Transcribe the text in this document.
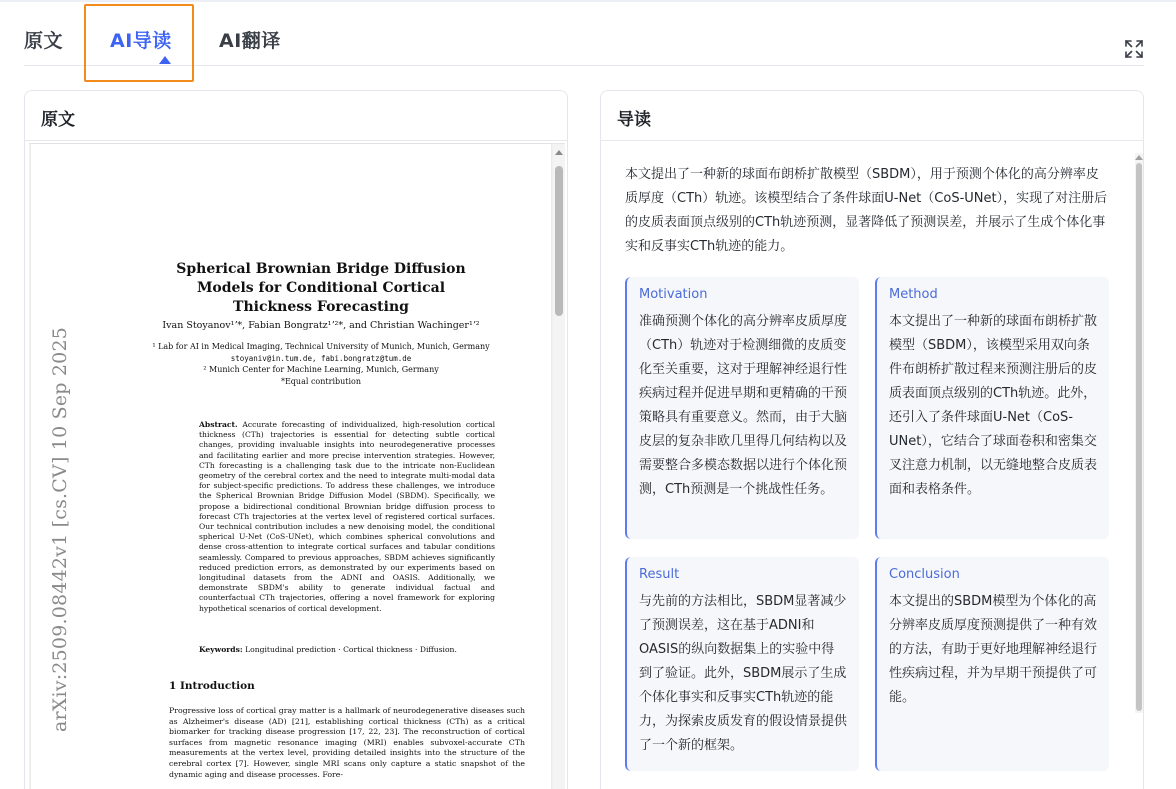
原文 AI导读 AI翻译
原文
arXiv:2509.08442v1 [cs.CV] 10 Sep 2025
Spherical Brownian Bridge Diffusion Models for Conditional Cortical Thickness Forecasting
Ivan Stoyanov¹ʼ*, Fabian Bongratz¹ʼ²*, and Christian Wachinger¹ʼ²
¹ Lab for AI in Medical Imaging, Technical University of Munich, Munich, Germany
stoyaniv@in.tum.de, fabi.bongratz@tum.de
² Munich Center for Machine Learning, Munich, Germany
*Equal contribution
Abstract. Accurate forecasting of individualized, high-resolution cortical thickness (CTh) trajectories is essential for detecting subtle cortical changes, providing invaluable insights into neurodegenerative processes and facilitating earlier and more precise intervention strategies. However, CTh forecasting is a challenging task due to the intricate non-Euclidean geometry of the cerebral cortex and the need to integrate multi-modal data for subject-specific predictions. To address these challenges, we introduce the Spherical Brownian Bridge Diffusion Model (SBDM). Specifically, we propose a bidirectional conditional Brownian bridge diffusion process to forecast CTh trajectories at the vertex level of registered cortical surfaces. Our technical contribution includes a new denoising model, the conditional spherical U-Net (CoS-UNet), which combines spherical convolutions and dense cross-attention to integrate cortical surfaces and tabular conditions seamlessly. Compared to previous approaches, SBDM achieves significantly reduced prediction errors, as demonstrated by our experiments based on longitudinal datasets from the ADNI and OASIS. Additionally, we demonstrate SBDM's ability to generate individual factual and counterfactual CTh trajectories, offering a novel framework for exploring hypothetical scenarios of cortical development.
Keywords: Longitudinal prediction · Cortical thickness · Diffusion.
1 Introduction
Progressive loss of cortical gray matter is a hallmark of neurodegenerative diseases such as Alzheimer's disease (AD) [21], establishing cortical thickness (CTh) as a critical biomarker for tracking disease progression [17, 22, 23]. The reconstruction of cortical surfaces from magnetic resonance imaging (MRI) enables subvoxel-accurate CTh measurements at the vertex level, providing detailed insights into the structure of the cerebral cortex [7]. However, single MRI scans only capture a static snapshot of the dynamic aging and disease processes. Fore-
导读
本文提出了一种新的球面布朗桥扩散模型（SBDM），用于预测个体化的高分辨率皮质厚度（CTh）轨迹。该模型结合了条件球面U-Net（CoS-UNet），实现了对注册后的皮质表面顶点级别的CTh轨迹预测，显著降低了预测误差，并展示了生成个体化事实和反事实CTh轨迹的能力。
Motivation
准确预测个体化的高分辨率皮质厚度（CTh）轨迹对于检测细微的皮质变化至关重要，这对于理解神经退行性疾病过程并促进早期和更精确的干预策略具有重要意义。然而，由于大脑皮层的复杂非欧几里得几何结构以及需要整合多模态数据以进行个体化预测，CTh预测是一个挑战性任务。
Method
本文提出了一种新的球面布朗桥扩散模型（SBDM），该模型采用双向条件布朗桥扩散过程来预测注册后的皮质表面顶点级别的CTh轨迹。此外，还引入了条件球面U-Net（CoS-UNet），它结合了球面卷积和密集交叉注意力机制，以无缝地整合皮质表面和表格条件。
Result
与先前的方法相比，SBDM显著减少了预测误差，这在基于ADNI和OASIS的纵向数据集上的实验中得到了验证。此外，SBDM展示了生成个体化事实和反事实CTh轨迹的能力，为探索皮质发育的假设情景提供了一个新的框架。
Conclusion
本文提出的SBDM模型为个体化的高分辨率皮质厚度预测提供了一种有效的方法，有助于更好地理解神经退行性疾病过程，并为早期干预提供了可能。
